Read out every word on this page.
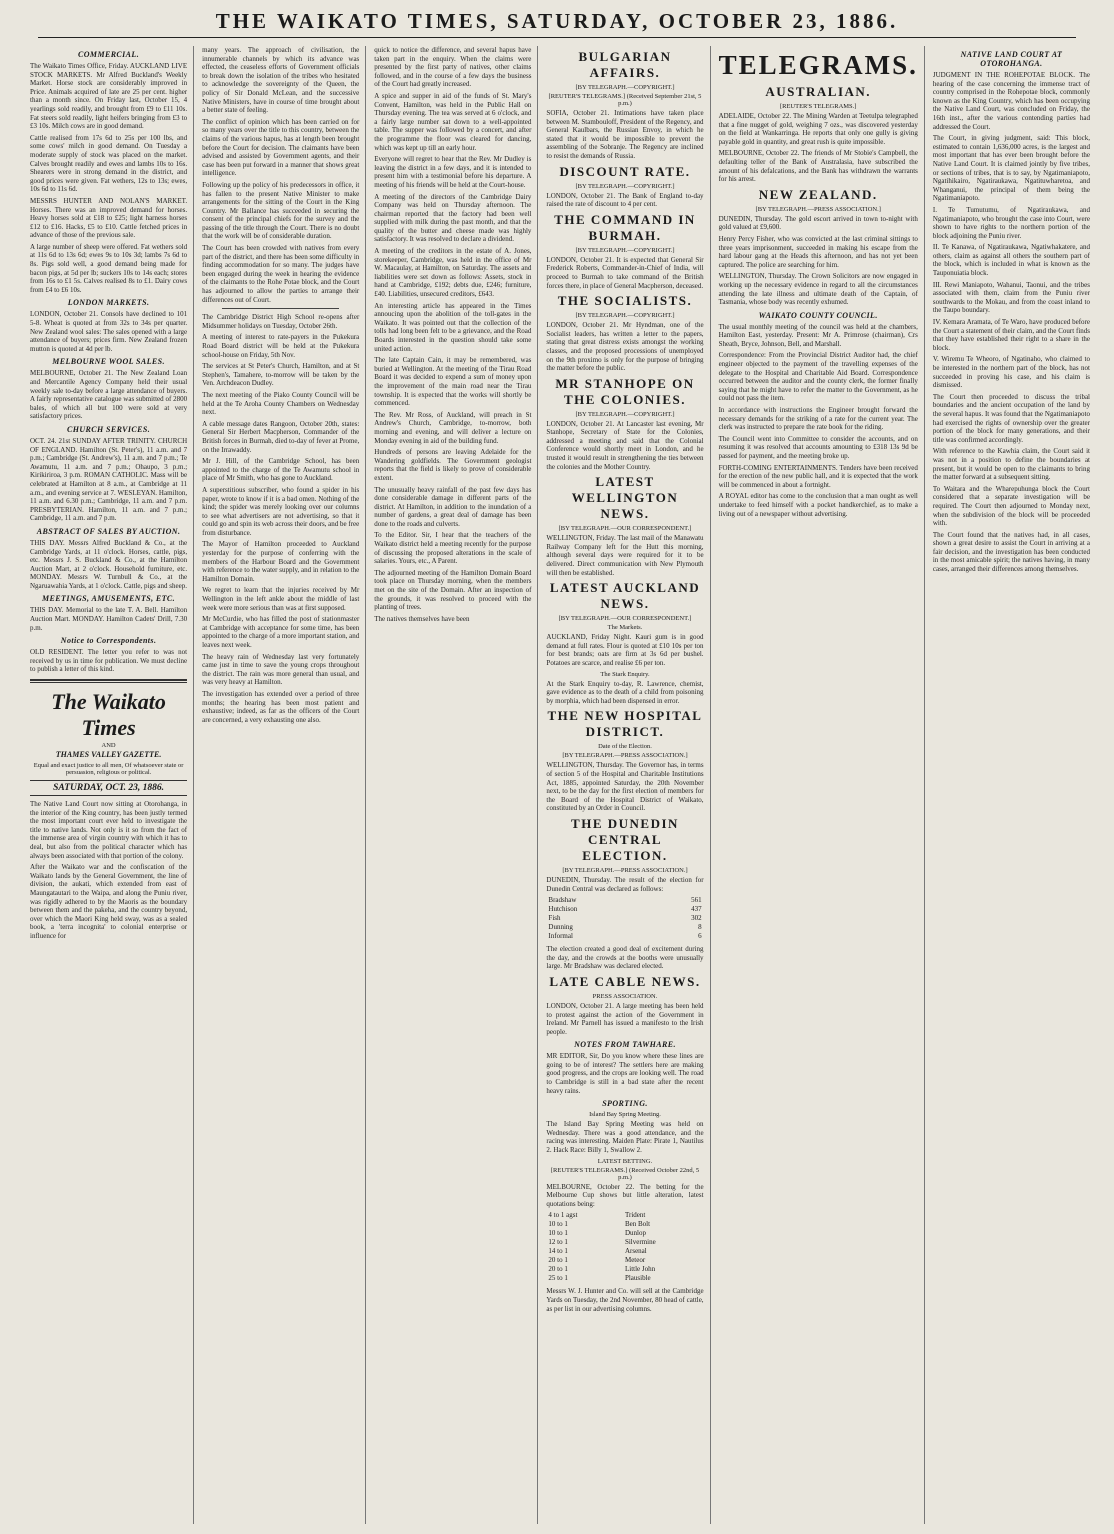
THE WAIKATO TIMES, SATURDAY, OCTOBER 23, 1886.
COMMERCIAL.

The Waikato Times Office, Friday. AUCKLAND LIVE STOCK MARKETS. Mr Alfred Buckland's Weekly Market. Horse stock are considerably improved in Price. Animals acquired of late are 25 per cent. higher than a month since. On Friday last, October 15, 4 yearlings sold readily, and brought from £9 to £11 10s. Fat steers sold readily, light heifers bringing from £3 to £3 10s. Milch cows are in good demand.

Cattle realised from 17s 6d to 25s per 100 lbs, and some cows' milch in good demand. On Tuesday a moderate supply of stock was placed on the market. Calves brought readily and ewes and lambs 10s to 16s. Shearers were in strong demand in the district, and good prices were given. Fat wethers, 12s to 13s; ewes, 10s 6d to 11s 6d.

MESSRS HUNTER AND NOLAN'S MARKET. Horses. There was an improved demand for horses. Heavy horses sold at £18 to £25; light harness horses £12 to £16. Hacks, £5 to £10. Cattle fetched prices in advance of those of the previous sale.

A large number of sheep were offered. Fat wethers sold at 11s 6d to 13s 6d; ewes 9s to 10s 3d; lambs 7s 6d to 8s. Pigs sold well, a good demand being made for bacon pigs, at 5d per lb; suckers 10s to 14s each; stores from 16s to £1 5s. Calves realised 8s to £1. Dairy cows from £4 to £6 10s.

LONDON MARKETS.

LONDON, October 21. Consols have declined to 101 5-8. Wheat is quoted at from 32s to 34s per quarter. New Zealand wool sales: The sales opened with a large attendance of buyers; prices firm. New Zealand frozen mutton is quoted at 4d per lb.

MELBOURNE WOOL SALES.

MELBOURNE, October 21. The New Zealand Loan and Mercantile Agency Company held their usual weekly sale to-day before a large attendance of buyers. A fairly representative catalogue was submitted of 2800 bales, of which all but 100 were sold at very satisfactory prices.

CHURCH SERVICES.

OCT. 24. 21st SUNDAY AFTER TRINITY. CHURCH OF ENGLAND. Hamilton (St. Peter's), 11 a.m. and 7 p.m.; Cambridge (St. Andrew's), 11 a.m. and 7 p.m.; Te Awamutu, 11 a.m. and 7 p.m.; Ohaupo, 3 p.m.; Kirikiriroa, 3 p.m. ROMAN CATHOLIC. Mass will be celebrated at Hamilton at 8 a.m., at Cambridge at 11 a.m., and evening service at 7. WESLEYAN. Hamilton, 11 a.m. and 6.30 p.m.; Cambridge, 11 a.m. and 7 p.m. PRESBYTERIAN. Hamilton, 11 a.m. and 7 p.m.; Cambridge, 11 a.m. and 7 p.m.

ABSTRACT OF SALES BY AUCTION.

THIS DAY. Messrs Alfred Buckland & Co., at the Cambridge Yards, at 11 o'clock. Horses, cattle, pigs, etc. Messrs J. S. Buckland & Co., at the Hamilton Auction Mart, at 2 o'clock. Household furniture, etc. MONDAY. Messrs W. Turnbull & Co., at the Ngaruawahia Yards, at 1 o'clock. Cattle, pigs and sheep.

MEETINGS, AMUSEMENTS, ETC.

THIS DAY. Memorial to the late T. A. Bell. Hamilton Auction Mart. MONDAY. Hamilton Cadets' Drill, 7.30 p.m.

Notice to Correspondents.

OLD RESIDENT. The letter you refer to was not received by us in time for publication. We must decline to publish a letter of this kind.

The Waikato Times
AND
THAMES VALLEY GAZETTE.
Equal and exact justice to all men, Of whatsoever state or persuasion, religious or political.
SATURDAY, OCT. 23, 1886.

The Native Land Court now sitting at Otorohanga, in the interior of the King country, has been justly termed the most important court ever held to investigate the title to native lands. Not only is it so from the fact of the immense area of virgin country with which it has to deal, but also from the political character which has always been associated with that portion of the colony.

After the Waikato war and the confiscation of the Waikato lands by the General Government, the line of division, the aukati, which extended from east of Maungatautari to the Waipa, and along the Puniu river, was rigidly adhered to by the Maoris as the boundary between them and the pakeha, and the country beyond, over which the Maori King held sway, was as a sealed book, a 'terra incognita' to colonial enterprise or influence for

many years. The approach of civilisation, the innumerable channels by which its advance was effected, the ceaseless efforts of Government officials to break down the isolation of the tribes who hesitated to acknowledge the sovereignty of the Queen, the policy of Sir Donald McLean, and the successive Native Ministers, have in course of time brought about a better state of feeling.

The conflict of opinion which has been carried on for so many years over the title to this country, between the claims of the various hapus, has at length been brought before the Court for decision. The claimants have been advised and assisted by Government agents, and their case has been put forward in a manner that shows great intelligence.

Following up the policy of his predecessors in office, it has fallen to the present Native Minister to make arrangements for the sitting of the Court in the King Country. Mr Ballance has succeeded in securing the consent of the principal chiefs for the survey and the passing of the title through the Court. There is no doubt that the work will be of considerable duration.

The Court has been crowded with natives from every part of the district, and there has been some difficulty in finding accommodation for so many. The judges have been engaged during the week in hearing the evidence of the claimants to the Rohe Potae block, and the Court has adjourned to allow the parties to arrange their differences out of Court.

The Cambridge District High School re-opens after Midsummer holidays on Tuesday, October 26th.

A meeting of interest to rate-payers in the Pukekura Road Board district will be held at the Pukekura school-house on Friday, 5th Nov.

The services at St Peter's Church, Hamilton, and at St Stephen's, Tamahere, to-morrow will be taken by the Ven. Archdeacon Dudley.

The next meeting of the Piako County Council will be held at the Te Aroha County Chambers on Wednesday next.

A cable message dates Rangoon, October 20th, states: General Sir Herbert Macpherson, Commander of the British forces in Burmah, died to-day of fever at Prome, on the Irrawaddy.

Mr J. Hill, of the Cambridge School, has been appointed to the charge of the Te Awamutu school in place of Mr Smith, who has gone to Auckland.

A superstitious subscriber, who found a spider in his paper, wrote to know if it is a bad omen. Nothing of the kind; the spider was merely looking over our columns to see what advertisers are not advertising, so that it could go and spin its web across their doors, and be free from disturbance.

The Mayor of Hamilton proceeded to Auckland yesterday for the purpose of conferring with the members of the Harbour Board and the Government with reference to the water supply, and in relation to the Hamilton Domain.

We regret to learn that the injuries received by Mr Wellington in the left ankle about the middle of last week were more serious than was at first supposed.

Mr McCurdie, who has filled the post of stationmaster at Cambridge with acceptance for some time, has been appointed to the charge of a more important station, and leaves next week.

The heavy rain of Wednesday last very fortunately came just in time to save the young crops throughout the district. The rain was more general than usual, and was very heavy at Hamilton.

The investigation has extended over a period of three months; the hearing has been most patient and exhaustive; indeed, as far as the officers of the Court are concerned, a very exhausting one also.

quick to notice the difference, and several hapus have taken part in the enquiry. When the claims were presented by the first party of natives, other claims followed, and in the course of a few days the business of the Court had greatly increased.

A spice and supper in aid of the funds of St. Mary's Convent, Hamilton, was held in the Public Hall on Thursday evening. The tea was served at 6 o'clock, and a fairly large number sat down to a well-appointed table. The supper was followed by a concert, and after the programme the floor was cleared for dancing, which was kept up till an early hour.

Everyone will regret to hear that the Rev. Mr Dudley is leaving the district in a few days, and it is intended to present him with a testimonial before his departure. A meeting of his friends will be held at the Court-house.

A meeting of the directors of the Cambridge Dairy Company was held on Thursday afternoon. The chairman reported that the factory had been well supplied with milk during the past month, and that the quality of the butter and cheese made was highly satisfactory. It was resolved to declare a dividend.

A meeting of the creditors in the estate of A. Jones, storekeeper, Cambridge, was held in the office of Mr W. Macaulay, at Hamilton, on Saturday. The assets and liabilities were set down as follows: Assets, stock in hand at Cambridge, £192; debts due, £246; furniture, £40. Liabilities, unsecured creditors, £643.

An interesting article has appeared in the Times annoucing upon the abolition of the toll-gates in the Waikato. It was pointed out that the collection of the tolls had long been felt to be a grievance, and the Road Boards interested in the question should take some united action.

The late Captain Cain, it may be remembered, was buried at Wellington. At the meeting of the Tirau Road Board it was decided to expend a sum of money upon the improvement of the main road near the Tirau township. It is expected that the works will shortly be commenced.

The Rev. Mr Ross, of Auckland, will preach in St Andrew's Church, Cambridge, to-morrow, both morning and evening, and will deliver a lecture on Monday evening in aid of the building fund.

Hundreds of persons are leaving Adelaide for the Wandering goldfields. The Government geologist reports that the field is likely to prove of considerable extent.

The unusually heavy rainfall of the past few days has done considerable damage in different parts of the district. At Hamilton, in addition to the inundation of a number of gardens, a great deal of damage has been done to the roads and culverts.

To the Editor. Sir, I hear that the teachers of the Waikato district held a meeting recently for the purpose of discussing the proposed alterations in the scale of salaries. Yours, etc., A Parent.

The adjourned meeting of the Hamilton Domain Board took place on Thursday morning, when the members met on the site of the Domain. After an inspection of the grounds, it was resolved to proceed with the planting of trees.

The natives themselves have been

BULGARIAN AFFAIRS.
[BY TELEGRAPH.—COPYRIGHT.]
[REUTER'S TELEGRAMS.] (Received September 21st, 5 p.m.)

SOFIA, October 21. Intimations have taken place between M. Stambouloff, President of the Regency, and General Kaulbars, the Russian Envoy, in which he stated that it would be impossible to prevent the assembling of the Sobranje. The Regency are inclined to resist the demands of Russia.

DISCOUNT RATE.
[BY TELEGRAPH.—COPYRIGHT.]

LONDON, October 21. The Bank of England to-day raised the rate of discount to 4 per cent.

THE COMMAND IN BURMAH.
[BY TELEGRAPH.—COPYRIGHT.]

LONDON, October 21. It is expected that General Sir Frederick Roberts, Commander-in-Chief of India, will proceed to Burmah to take command of the British forces there, in place of General Macpherson, deceased.

THE SOCIALISTS.
[BY TELEGRAPH.—COPYRIGHT.]

LONDON, October 21. Mr Hyndman, one of the Socialist leaders, has written a letter to the papers, stating that great distress exists amongst the working classes, and the proposed processions of unemployed on the 9th proximo is only for the purpose of bringing the matter before the public.

MR STANHOPE ON THE COLONIES.
[BY TELEGRAPH.—COPYRIGHT.]

LONDON, October 21. At Lancaster last evening, Mr Stanhope, Secretary of State for the Colonies, addressed a meeting and said that the Colonial Conference would shortly meet in London, and he trusted it would result in strengthening the ties between the colonies and the Mother Country.

LATEST WELLINGTON NEWS.
[BY TELEGRAPH.—OUR CORRESPONDENT.]

WELLINGTON, Friday. The last mail of the Manawatu Railway Company left for the Hutt this morning, although several days were required for it to be delivered. Direct communication with New Plymouth will then be established.

LATEST AUCKLAND NEWS.
[BY TELEGRAPH.—OUR CORRESPONDENT.]
The Markets.

AUCKLAND, Friday Night. Kauri gum is in good demand at full rates. Flour is quoted at £10 10s per ton for best brands; oats are firm at 3s 6d per bushel. Potatoes are scarce, and realise £6 per ton.

The Stark Enquiry.

At the Stark Enquiry to-day, R. Lawrence, chemist, gave evidence as to the death of a child from poisoning by morphia, which had been dispensed in error.

THE NEW HOSPITAL DISTRICT.
Date of the Election.
[BY TELEGRAPH.—PRESS ASSOCIATION.]

WELLINGTON, Thursday. The Governor has, in terms of section 5 of the Hospital and Charitable Institutions Act, 1885, appointed Saturday, the 20th November next, to be the day for the first election of members for the Board of the Hospital District of Waikato, constituted by an Order in Council.

THE DUNEDIN CENTRAL ELECTION.
[BY TELEGRAPH.—PRESS ASSOCIATION.]

DUNEDIN, Thursday. The result of the election for Dunedin Central was declared as follows:

Bradshaw	561
Hutchison	437
Fish	302
Dunning	8
Informal	6

The election created a good deal of excitement during the day, and the crowds at the booths were unusually large. Mr Bradshaw was declared elected.

LATE CABLE NEWS.
PRESS ASSOCIATION.

LONDON, October 21. A large meeting has been held to protest against the action of the Government in Ireland. Mr Parnell has issued a manifesto to the Irish people.

NOTES FROM TAWHARE.

MR EDITOR, Sir, Do you know where these lines are going to be of interest? The settlers here are making good progress, and the crops are looking well. The road to Cambridge is still in a bad state after the recent heavy rains.

SPORTING.
Island Bay Spring Meeting.

The Island Bay Spring Meeting was held on Wednesday. There was a good attendance, and the racing was interesting. Maiden Plate: Pirate 1, Nautilus 2. Hack Race: Billy 1, Swallow 2.

LATEST BETTING.
[REUTER'S TELEGRAMS.] (Received October 22nd, 5 p.m.)

MELBOURNE, October 22. The betting for the Melbourne Cup shows but little alteration, latest quotations being:

4 to 1 agst	Trident
10 to 1	Ben Bolt
10 to 1	Dunlop
12 to 1	Silvermine
14 to 1	Arsenal
20 to 1	Meteor
20 to 1	Little John
25 to 1	Plausible

Messrs W. J. Hunter and Co. will sell at the Cambridge Yards on Tuesday, the 2nd November, 80 head of cattle, as per list in our advertising columns.

TELEGRAMS.
AUSTRALIAN.
[REUTER'S TELEGRAMS.]

ADELAIDE, October 22. The Mining Warden at Teetulpa telegraphed that a fine nugget of gold, weighing 7 ozs., was discovered yesterday on the field at Wankarringa. He reports that only one gully is giving payable gold in quantity, and great rush is quite impossible.

MELBOURNE, October 22. The friends of Mr Stobie's Campbell, the defaulting teller of the Bank of Australasia, have subscribed the amount of his defalcations, and the Bank has withdrawn the warrants for his arrest.

NEW ZEALAND.
[BY TELEGRAPH.—PRESS ASSOCIATION.]

DUNEDIN, Thursday. The gold escort arrived in town to-night with gold valued at £9,600.

Henry Percy Fisher, who was convicted at the last criminal sittings to three years imprisonment, succeeded in making his escape from the hard labour gang at the Heads this afternoon, and has not yet been captured. The police are searching for him.

WELLINGTON, Thursday. The Crown Solicitors are now engaged in working up the necessary evidence in regard to all the circumstances attending the late illness and ultimate death of the Captain, of Tasmania, whose body was recently exhumed.

WAIKATO COUNTY COUNCIL.

The usual monthly meeting of the council was held at the chambers, Hamilton East, yesterday. Present: Mr A. Primrose (chairman), Crs Sheath, Bryce, Johnson, Bell, and Marshall.

Correspondence: From the Provincial District Auditor had, the chief engineer objected to the payment of the travelling expenses of the delegate to the Hospital and Charitable Aid Board. Correspondence occurred between the auditor and the county clerk, the former finally saying that he might have to refer the matter to the Government, as he could not pass the item.

In accordance with instructions the Engineer brought forward the necessary demands for the striking of a rate for the current year. The clerk was instructed to prepare the rate book for the riding.

The Council went into Committee to consider the accounts, and on resuming it was resolved that accounts amounting to £318 13s 9d be passed for payment, and the meeting broke up.

FORTH-COMING ENTERTAINMENTS. Tenders have been received for the erection of the new public hall, and it is expected that the work will be commenced in about a fortnight.

A ROYAL editor has come to the conclusion that a man ought as well undertake to feed himself with a pocket handkerchief, as to make a living out of a newspaper without advertising.

NATIVE LAND COURT AT OTOROHANGA.

JUDGMENT IN THE ROHEPOTAE BLOCK. The hearing of the case concerning the immense tract of country comprised in the Rohepotae block, commonly known as the King Country, which has been occupying the Native Land Court, was concluded on Friday, the 16th inst., after the various contending parties had addressed the Court.

The Court, in giving judgment, said: This block, estimated to contain 1,636,000 acres, is the largest and most important that has ever been brought before the Native Land Court. It is claimed jointly by five tribes, or sections of tribes, that is to say, by Ngatimaniapoto, Ngatihikairo, Ngatiraukawa, Ngatituwharetoa, and Whanganui, the principal of them being the Ngatimaniapoto.

I. Te Tumutumu, of Ngatiraukawa, and Ngatimaniapoto, who brought the case into Court, were shown to have rights to the northern portion of the block adjoining the Puniu river.

II. Te Kanawa, of Ngatiraukawa, Ngatiwhakatere, and others, claim as against all others the southern part of the block, which is included in what is known as the Tauponuiatia block.

III. Rewi Maniapoto, Wahanui, Taonui, and the tribes associated with them, claim from the Puniu river southwards to the Mokau, and from the coast inland to the Taupo boundary.

IV. Kemara Aramata, of Te Waro, have produced before the Court a statement of their claim, and the Court finds that they have established their right to a share in the block.

V. Wiremu Te Wheoro, of Ngatinaho, who claimed to be interested in the northern part of the block, has not succeeded in proving his case, and his claim is dismissed.

The Court then proceeded to discuss the tribal boundaries and the ancient occupation of the land by the several hapus. It was found that the Ngatimaniapoto had exercised the rights of ownership over the greater portion of the block for many generations, and their title was confirmed accordingly.

With reference to the Kawhia claim, the Court said it was not in a position to define the boundaries at present, but it would be open to the claimants to bring the matter forward at a subsequent sitting.

To Waitara and the Wharepuhunga block the Court considered that a separate investigation will be required. The Court then adjourned to Monday next, when the subdivision of the block will be proceeded with.

The Court found that the natives had, in all cases, shown a great desire to assist the Court in arriving at a fair decision, and the investigation has been conducted in the most amicable spirit; the natives having, in many cases, arranged their differences among themselves.
